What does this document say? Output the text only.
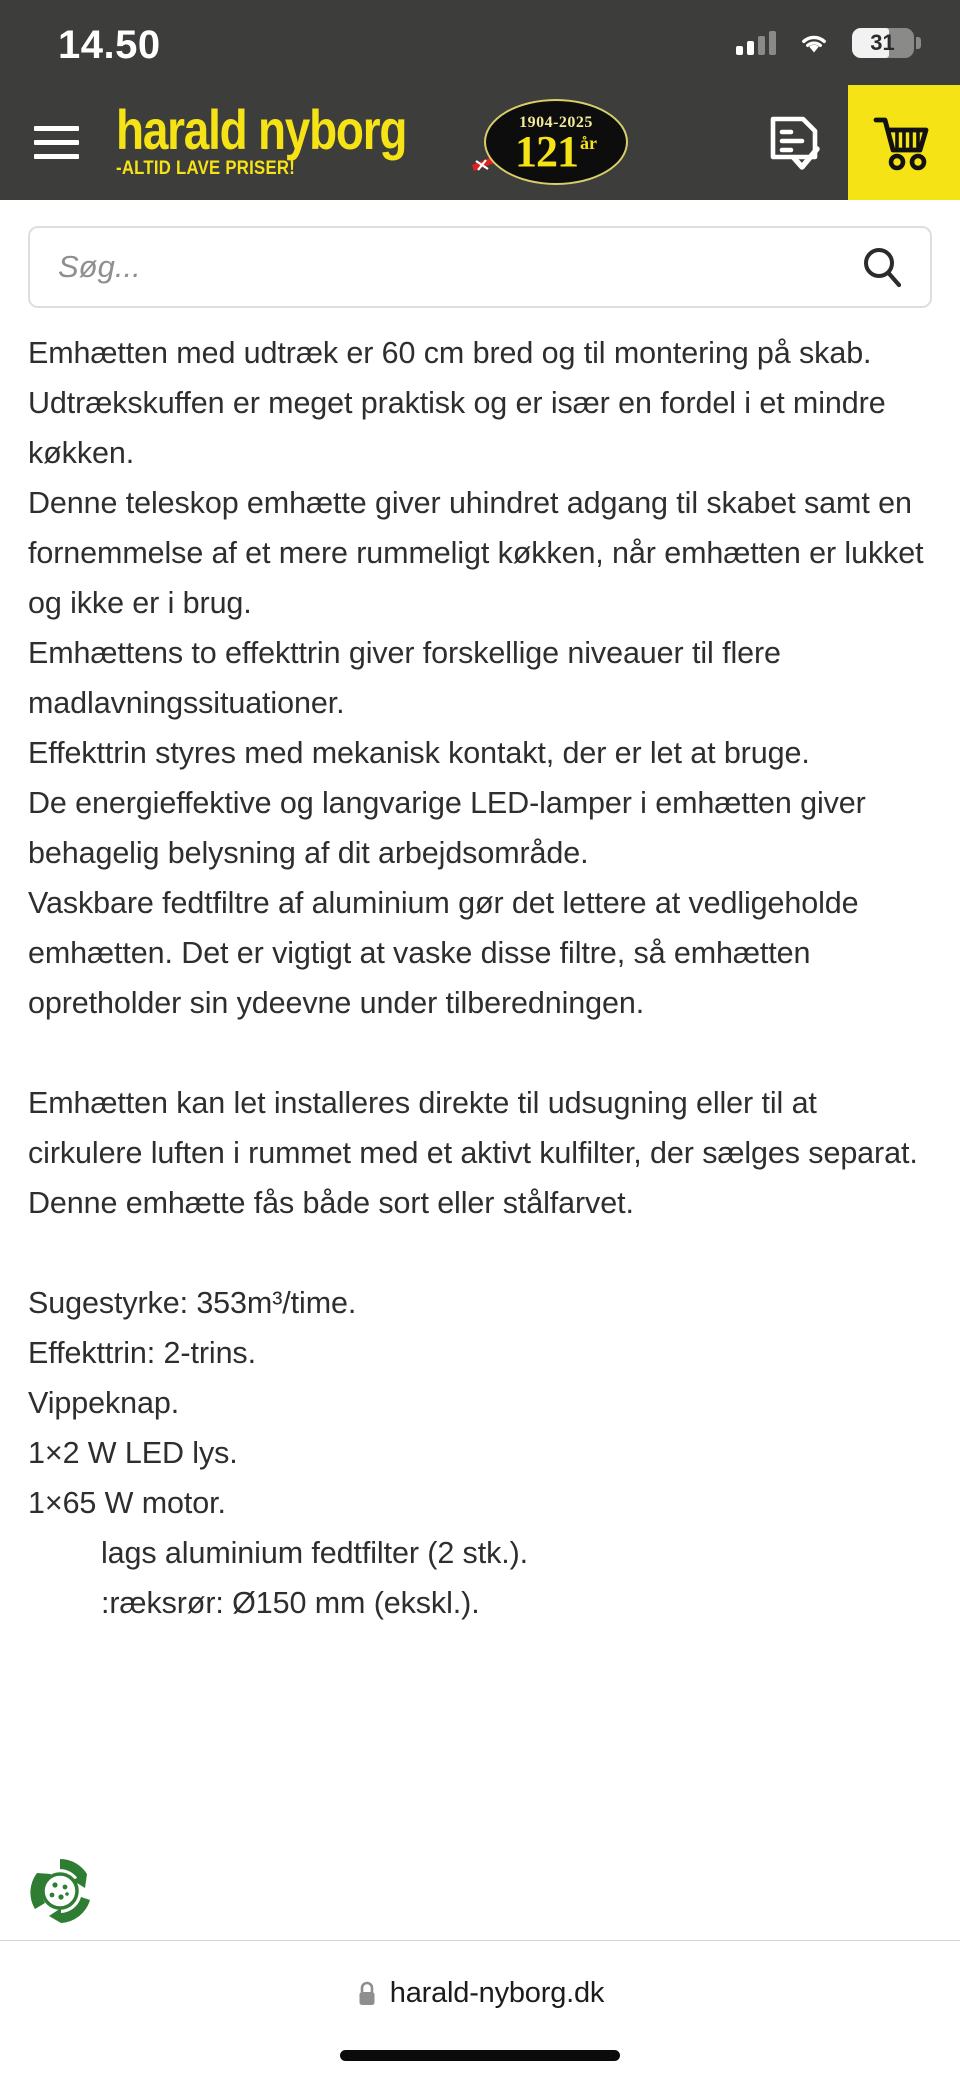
14.50	31
harald nyborg
-ALTID LAVE PRISER!
1904-2025
121 år
Søg...

Emhætten med udtræk er 60 cm bred og til montering på skab.

Udtrækskuffen er meget praktisk og er især en fordel i et mindre køkken.

Denne teleskop emhætte giver uhindret adgang til skabet samt en fornemmelse af et mere rummeligt køkken, når emhætten er lukket og ikke er i brug.

Emhættens to effekttrin giver forskellige niveauer til flere madlavningssituationer.

Effekttrin styres med mekanisk kontakt, der er let at bruge.

De energieffektive og langvarige LED-lamper i emhætten giver behagelig belysning af dit arbejdsområde.

Vaskbare fedtfiltre af aluminium gør det lettere at vedligeholde emhætten. Det er vigtigt at vaske disse filtre, så emhætten opretholder sin ydeevne under tilberedningen.

Emhætten kan let installeres direkte til udsugning eller til at cirkulere luften i rummet med et aktivt kulfilter, der sælges separat.

Denne emhætte fås både sort eller stålfarvet.

Sugestyrke: 353m³/time.

Effekttrin: 2-trins.

Vippeknap.

1×2 W LED lys.

1×65 W motor.

lags aluminium fedtfilter (2 stk.).

:ræksrør: Ø150 mm (ekskl.).

harald-nyborg.dk
